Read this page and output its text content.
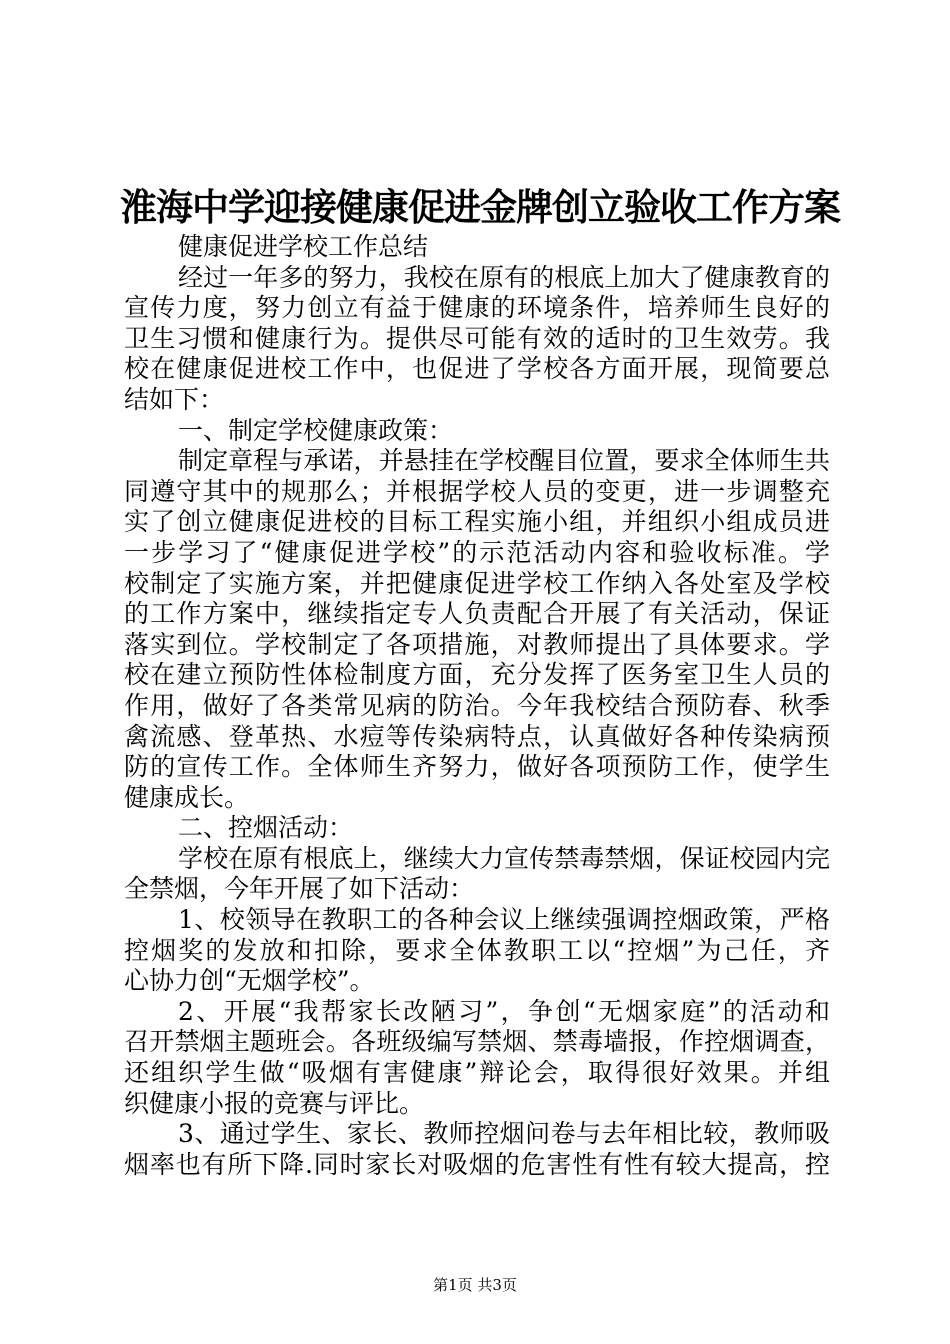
淮海中学迎接健康促进金牌创立验收工作方案
健康促进学校工作总结
经过一年多的努力，我校在原有的根底上加大了健康教育的
宣传力度，努力创立有益于健康的环境条件，培养师生良好的
卫生习惯和健康行为。提供尽可能有效的适时的卫生效劳。我
校在健康促进校工作中，也促进了学校各方面开展，现简要总
结如下：
一、制定学校健康政策：
制定章程与承诺，并悬挂在学校醒目位置，要求全体师生共
同遵守其中的规那么；并根据学校人员的变更，进一步调整充
实了创立健康促进校的目标工程实施小组，并组织小组成员进
一步学习了“健康促进学校”的示范活动内容和验收标准。学
校制定了实施方案，并把健康促进学校工作纳入各处室及学校
的工作方案中，继续指定专人负责配合开展了有关活动，保证
落实到位。学校制定了各项措施，对教师提出了具体要求。学
校在建立预防性体检制度方面，充分发挥了医务室卫生人员的
作用，做好了各类常见病的防治。今年我校结合预防春、秋季
禽流感、登革热、水痘等传染病特点，认真做好各种传染病预
防的宣传工作。全体师生齐努力，做好各项预防工作，使学生
健康成长。
二、控烟活动：
学校在原有根底上，继续大力宣传禁毒禁烟，保证校园内完
全禁烟，今年开展了如下活动：
1、校领导在教职工的各种会议上继续强调控烟政策，严格
控烟奖的发放和扣除，要求全体教职工以“控烟”为己任，齐
心协力创“无烟学校”。
2、开展“我帮家长改陋习”，争创“无烟家庭”的活动和
召开禁烟主题班会。各班级编写禁烟、禁毒墙报，作控烟调查，
还组织学生做“吸烟有害健康”辩论会，取得很好效果。并组
织健康小报的竞赛与评比。
3、通过学生、家长、教师控烟问卷与去年相比较，教师吸
烟率也有所下降.同时家长对吸烟的危害性有性有较大提高，控
第1页 共3页
